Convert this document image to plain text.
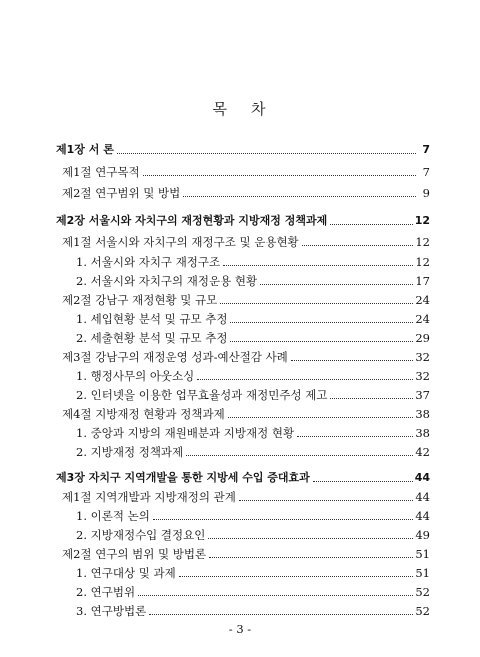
목 차
제1장 서 론	7
제1절 연구목적	7
제2절 연구범위 및 방법	9
제2장 서울시와 자치구의 재정현황과 지방재정 정책과제	12
제1절 서울시와 자치구의 재정구조 및 운용현황	12
1. 서울시와 자치구 재정구조	12
2. 서울시와 자치구의 재정운용 현황	17
제2절 강남구 재정현황 및 규모	24
1. 세입현황 분석 및 규모 추정	24
2. 세출현황 분석 및 규모 추정	29
제3절 강남구의 재정운영 성과-예산절감 사례	32
1. 행정사무의 아웃소싱	32
2. 인터넷을 이용한 업무효율성과 재정민주성 제고	37
제4절 지방재정 현황과 정책과제	38
1. 중앙과 지방의 재원배분과 지방재정 현황	38
2. 지방재정 정책과제	42
제3장 자치구 지역개발을 통한 지방세 수입 증대효과	44
제1절 지역개발과 지방재정의 관계	44
1. 이론적 논의	44
2. 지방재정수입 결정요인	49
제2절 연구의 범위 및 방법론	51
1. 연구대상 및 과제	51
2. 연구범위	52
3. 연구방법론	52
- 3 -
